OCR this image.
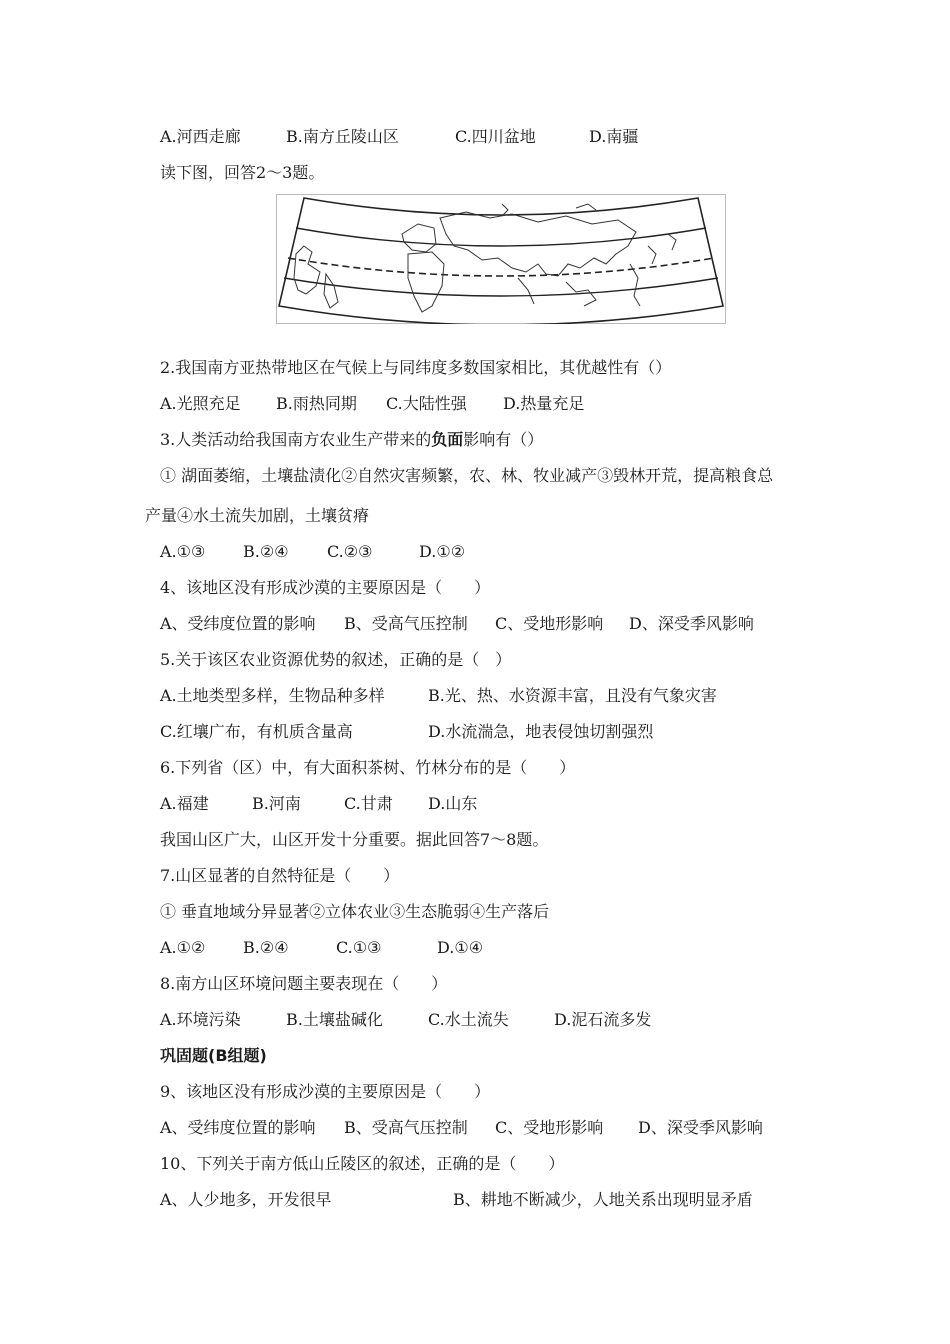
A.河西走廊	B.南方丘陵山区	C.四川盆地	D.南疆
读下图，回答2～3题。
2.我国南方亚热带地区在气候上与同纬度多数国家相比，其优越性有（）
A.光照充足 B.雨热同期 C.大陆性强 D.热量充足
3.人类活动给我国南方农业生产带来的负面影响有（）
① 湖面萎缩，土壤盐渍化②自然灾害频繁，农、林、牧业减产③毁林开荒，提高粮食总
产量④水土流失加剧，土壤贫瘠
A.①③ B.②④ C.②③	D.①②
4、该地区没有形成沙漠的主要原因是（　　）
A、受纬度位置的影响 B、受高气压控制 C、受地形影响 D、深受季风影响
5.关于该区农业资源优势的叙述，正确的是（　）
A.土地类型多样，生物品种多样	B.光、热、水资源丰富，且没有气象灾害
C.红壤广布，有机质含量高	D.水流湍急，地表侵蚀切割强烈
6.下列省（区）中，有大面积茶树、竹林分布的是（　　）
A.福建	B.河南	C.甘肃 D.山东
我国山区广大，山区开发十分重要。据此回答7～8题。
7.山区显著的自然特征是（　　）
① 垂直地域分异显著②立体农业③生态脆弱④生产落后
A.①② B.②④	C.①③	D.①④
8.南方山区环境问题主要表现在（　　）
A.环境污染	B.土壤盐碱化	C.水土流失	D.泥石流多发
巩固题(B组题)
9、该地区没有形成沙漠的主要原因是（　　）
A、受纬度位置的影响 B、受高气压控制 C、受地形影响 D、深受季风影响
10、下列关于南方低山丘陵区的叙述，正确的是（　　）
A、人少地多，开发很早	B、耕地不断减少，人地关系出现明显矛盾
